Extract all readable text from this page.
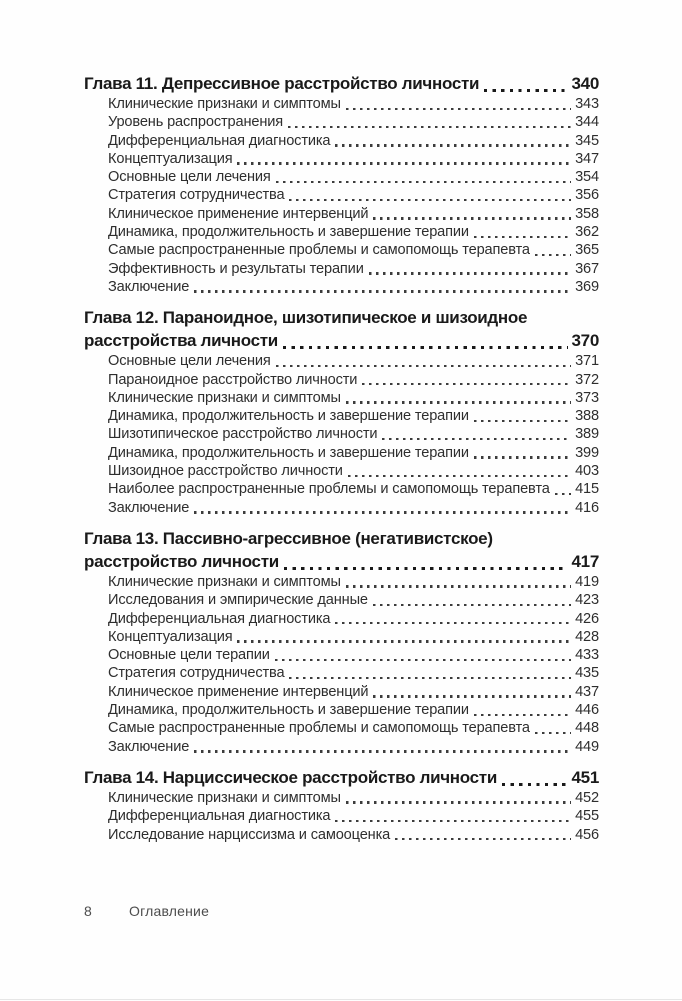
Глава 11. Депрессивное расстройство личности	340
Клинические признаки и симптомы	343
Уровень распространения	344
Дифференциальная диагностика	345
Концептуализация	347
Основные цели лечения	354
Стратегия сотрудничества	356
Клиническое применение интервенций	358
Динамика, продолжительность и завершение терапии	362
Самые распространенные проблемы и самопомощь терапевта	365
Эффективность и результаты терапии	367
Заключение	369
Глава 12. Параноидное, шизотипическое и шизоидное
расстройства личности	370
Основные цели лечения	371
Параноидное расстройство личности	372
Клинические признаки и симптомы	373
Динамика, продолжительность и завершение терапии	388
Шизотипическое расстройство личности	389
Динамика, продолжительность и завершение терапии	399
Шизоидное расстройство личности	403
Наиболее распространенные проблемы и самопомощь терапевта 415
Заключение	416
Глава 13. Пассивно-агрессивное (негативистское)
расстройство личности	417
Клинические признаки и симптомы	419
Исследования и эмпирические данные	423
Дифференциальная диагностика	426
Концептуализация	428
Основные цели терапии	433
Стратегия сотрудничества	435
Клиническое применение интервенций	437
Динамика, продолжительность и завершение терапии	446
Самые распространенные проблемы и самопомощь терапевта	448
Заключение	449
Глава 14. Нарциссическое расстройство личности	451
Клинические признаки и симптомы	452
Дифференциальная диагностика	455
Исследование нарциссизма и самооценка	456
8	Оглавление
